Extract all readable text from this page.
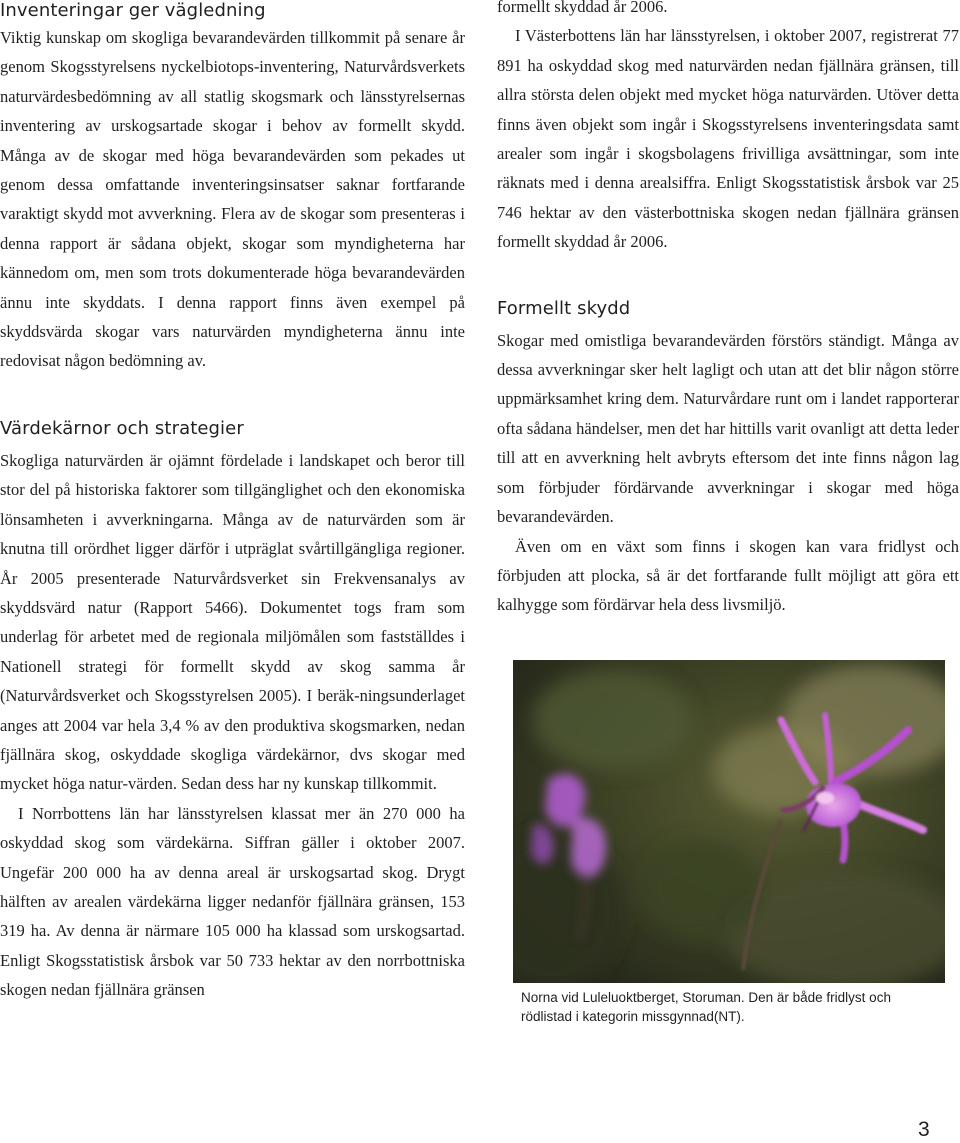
Inventeringar ger vägledning

Viktig kunskap om skogliga bevarandevärden tillkommit på senare år genom Skogsstyrelsens nyckelbiotops-inventering, Naturvårdsverkets naturvärdesbedömning av all statlig skogsmark och länsstyrelsernas inventering av urskogsartade skogar i behov av formellt skydd. Många av de skogar med höga bevarandevärden som pekades ut genom dessa omfattande inventeringsinsatser saknar fortfarande varaktigt skydd mot avverkning. Flera av de skogar som presenteras i denna rapport är sådana objekt, skogar som myndigheterna har kännedom om, men som trots dokumenterade höga bevarandevärden ännu inte skyddats. I denna rapport finns även exempel på skyddsvärda skogar vars naturvärden myndigheterna ännu inte redovisat någon bedömning av.

Värdekärnor och strategier

Skogliga naturvärden är ojämnt fördelade i landskapet och beror till stor del på historiska faktorer som tillgänglighet och den ekonomiska lönsamheten i avverkningarna. Många av de naturvärden som är knutna till orördhet ligger därför i utpräglat svårtillgängliga regioner. År 2005 presenterade Naturvårdsverket sin Frekvensanalys av skyddsvärd natur (Rapport 5466). Dokumentet togs fram som underlag för arbetet med de regionala miljömålen som fastställdes i Nationell strategi för formellt skydd av skog samma år (Naturvårdsverket och Skogsstyrelsen 2005). I beräk-ningsunderlaget anges att 2004 var hela 3,4 % av den produktiva skogsmarken, nedan fjällnära skog, oskyddade skogliga värdekärnor, dvs skogar med mycket höga natur-värden. Sedan dess har ny kunskap tillkommit.

I Norrbottens län har länsstyrelsen klassat mer än 270 000 ha oskyddad skog som värdekärna. Siffran gäller i oktober 2007. Ungefär 200 000 ha av denna areal är urskogsartad skog. Drygt hälften av arealen värdekärna ligger nedanför fjällnära gränsen, 153 319 ha. Av denna är närmare 105 000 ha klassad som urskogsartad. Enligt Skogsstatistisk årsbok var 50 733 hektar av den norrbottniska skogen nedan fjällnära gränsen

formellt skyddad år 2006.

I Västerbottens län har länsstyrelsen, i oktober 2007, registrerat 77 891 ha oskyddad skog med naturvärden nedan fjällnära gränsen, till allra största delen objekt med mycket höga naturvärden. Utöver detta finns även objekt som ingår i Skogsstyrelsens inventeringsdata samt arealer som ingår i skogsbolagens frivilliga avsättningar, som inte räknats med i denna arealsiffra. Enligt Skogsstatistisk årsbok var 25 746 hektar av den västerbottniska skogen nedan fjällnära gränsen formellt skyddad år 2006.

Formellt skydd

Skogar med omistliga bevarandevärden förstörs ständigt. Många av dessa avverkningar sker helt lagligt och utan att det blir någon större uppmärksamhet kring dem. Naturvårdare runt om i landet rapporterar ofta sådana händelser, men det har hittills varit ovanligt att detta leder till att en avverkning helt avbryts eftersom det inte finns någon lag som förbjuder fördärvande avverkningar i skogar med höga bevarandevärden.

Även om en växt som finns i skogen kan vara fridlyst och förbjuden att plocka, så är det fortfarande fullt möjligt att göra ett kalhygge som fördärvar hela dess livsmiljö.

Norna vid Luleluoktberget, Storuman. Den är både fridlyst och rödlistad i kategorin missgynnad(NT).
3
